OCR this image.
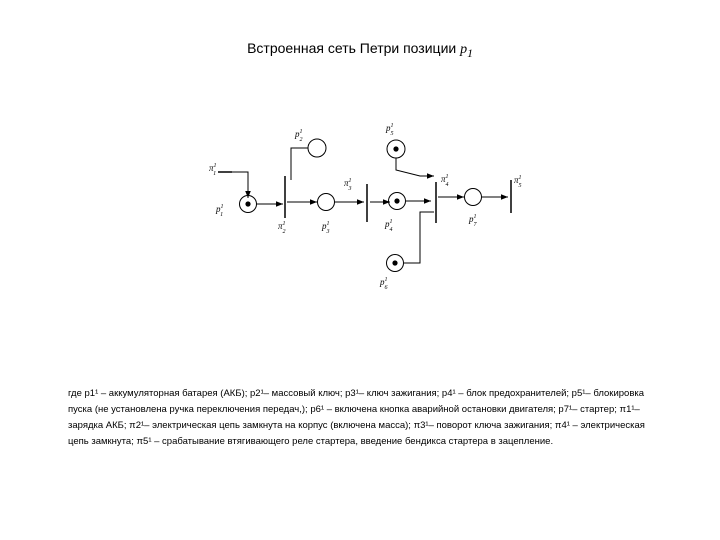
Встроенная сеть Петри позиции $p_1$
$p^1$ 1
$p^1$ 2
$p^1$ 3
$p^1$ 4
$p^1$ 5
$p^1$ 6
$p^1$ 7
$\pi^1$ 1
$\pi^1$ 2
$\pi^1$ 3
$\pi^1$ 4	$\pi^1$ 5
где p1¹ – аккумуляторная батарея (АКБ); p2¹– массовый ключ; p3¹– ключ зажигания; p4¹ – блок предохранителей; p5¹– блокировка пуска (не установлена ручка переключения передач,); p6¹ – включена кнопка аварийной остановки двигателя; p7¹– стартер; π1¹– зарядка АКБ; π2¹– электрическая цепь замкнута на корпус (включена масса); π3¹– поворот ключа зажигания; π4¹ – электрическая цепь замкнута; π5¹ – срабатывание втягивающего реле стартера, введение бендикса стартера в зацепление.
